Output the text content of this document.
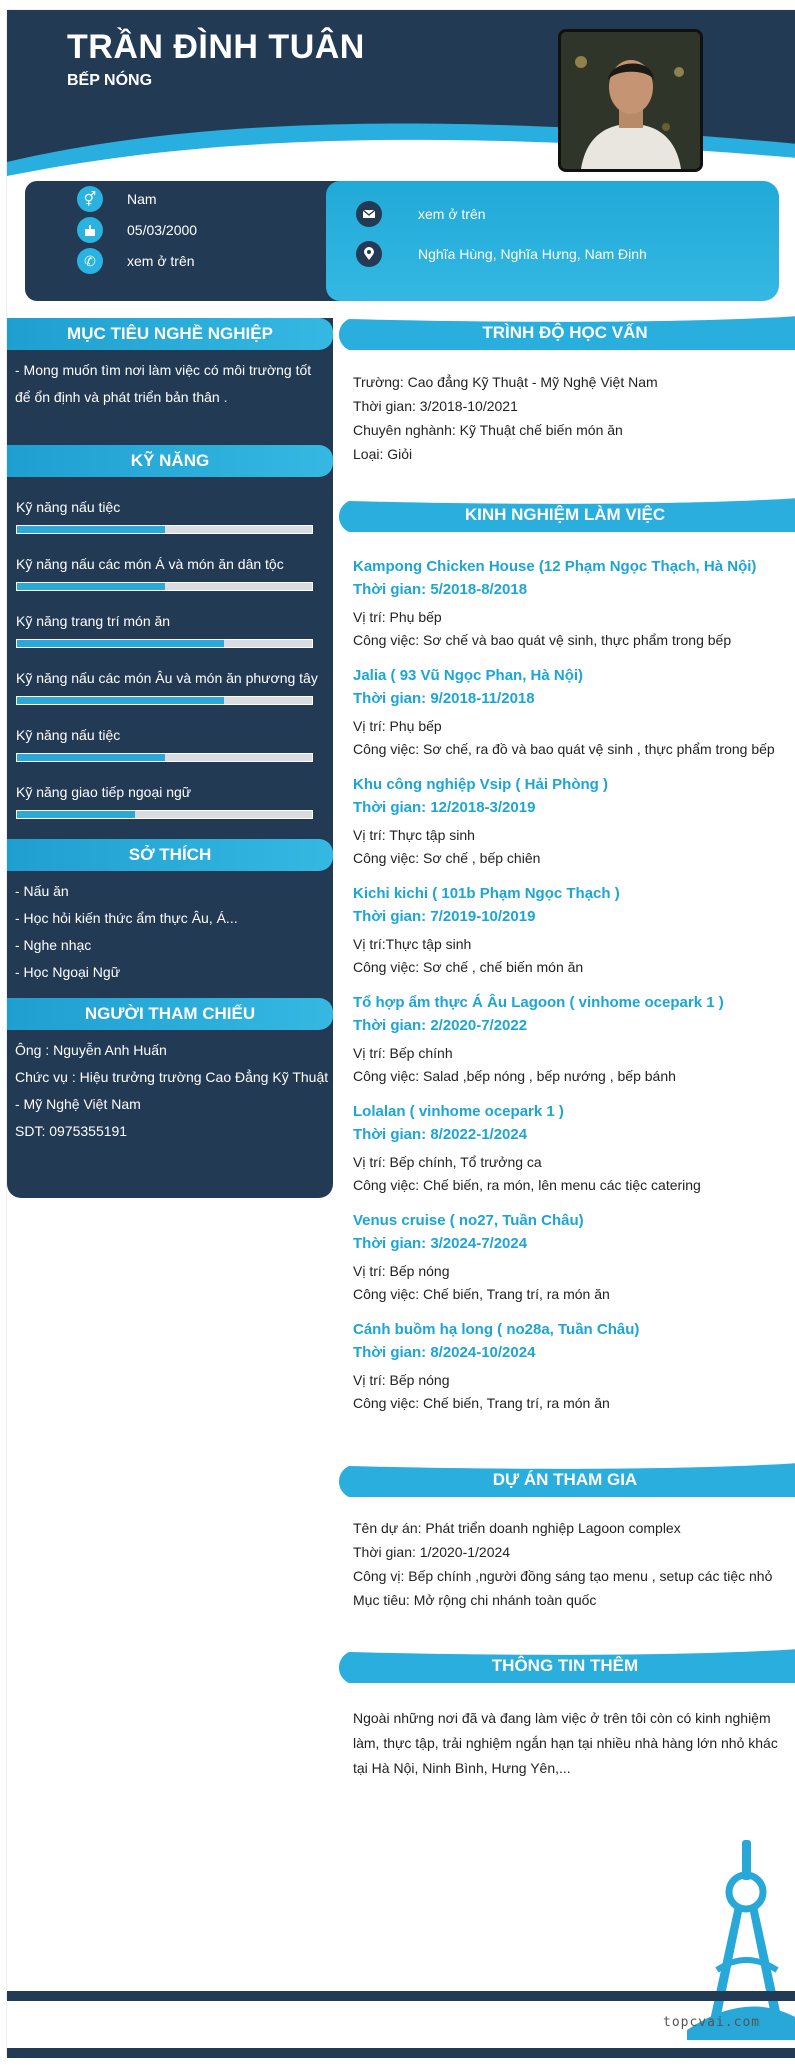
TRẦN ĐÌNH TUÂN
BẾP NÓNG
⚥	Nam
05/03/2000
✆	xem ở trên
xem ở trên
Nghĩa Hùng, Nghĩa Hưng, Nam Định
MỤC TIÊU NGHỀ NGHIỆP
- Mong muốn tìm nơi làm việc có môi trường tốt
để ổn định và phát triển bản thân .
KỸ NĂNG
Kỹ năng nấu tiệc
Kỹ năng nấu các món Á và món ăn dân tộc
Kỹ năng trang trí món ăn
Kỹ năng nấu các món Âu và món ăn phương tây
Kỹ năng nấu tiệc
Kỹ năng giao tiếp ngoại ngữ
SỞ THÍCH
- Nấu ăn
- Học hỏi kiến thức ẩm thực Âu, Á...
- Nghe nhạc
- Học Ngoại Ngữ
NGƯỜI THAM CHIẾU
Ông : Nguyễn Anh Huấn
Chức vụ : Hiệu trưởng trường Cao Đẳng Kỹ Thuật
- Mỹ Nghệ Việt Nam
SDT: 0975355191
TRÌNH ĐỘ HỌC VẤN
Trường: Cao đẳng Kỹ Thuật - Mỹ Nghệ Việt Nam
Thời gian: 3/2018-10/2021
Chuyên nghành: Kỹ Thuật chế biến món ăn
Loại: Giỏi
KINH NGHIỆM LÀM VIỆC
Kampong Chicken House (12 Phạm Ngọc Thạch, Hà Nội)
Thời gian: 5/2018-8/2018
Vị trí: Phụ bếp
Công việc: Sơ chế và bao quát vệ sinh, thực phẩm trong bếp
Jalia ( 93 Vũ Ngọc Phan, Hà Nội)
Thời gian: 9/2018-11/2018
Vị trí: Phụ bếp
Công việc: Sơ chế, ra đồ và bao quát vệ sinh , thực phẩm trong bếp
Khu công nghiệp Vsip ( Hải Phòng )
Thời gian: 12/2018-3/2019
Vị trí: Thực tập sinh
Công việc: Sơ chế , bếp chiên
Kichi kichi ( 101b Phạm Ngọc Thạch )
Thời gian: 7/2019-10/2019
Vị trí:Thực tập sinh
Công việc: Sơ chế , chế biến món ăn
Tổ hợp ẩm thực Á Âu Lagoon ( vinhome ocepark 1 )
Thời gian: 2/2020-7/2022
Vị trí: Bếp chính
Công việc: Salad ,bếp nóng , bếp nướng , bếp bánh
Lolalan ( vinhome ocepark 1 )
Thời gian: 8/2022-1/2024
Vị trí: Bếp chính, Tổ trưởng ca
Công việc: Chế biến, ra món, lên menu các tiệc catering
Venus cruise ( no27, Tuần Châu)
Thời gian: 3/2024-7/2024
Vị trí: Bếp nóng
Công việc: Chế biến, Trang trí, ra món ăn
Cánh buồm hạ long ( no28a, Tuần Châu)
Thời gian: 8/2024-10/2024
Vị trí: Bếp nóng
Công việc: Chế biến, Trang trí, ra món ăn
DỰ ÁN THAM GIA
Tên dự án: Phát triển doanh nghiệp Lagoon complex
Thời gian: 1/2020-1/2024
Công vị: Bếp chính ,người đồng sáng tạo menu , setup các tiệc nhỏ
Mục tiêu: Mở rộng chi nhánh toàn quốc
THÔNG TIN THÊM
Ngoài những nơi đã và đang làm việc ở trên tôi còn có kinh nghiệm
làm, thực tập, trải nghiệm ngắn hạn tại nhiều nhà hàng lớn nhỏ khác
tại Hà Nội, Ninh Bình, Hưng Yên,...
topcvai.com
